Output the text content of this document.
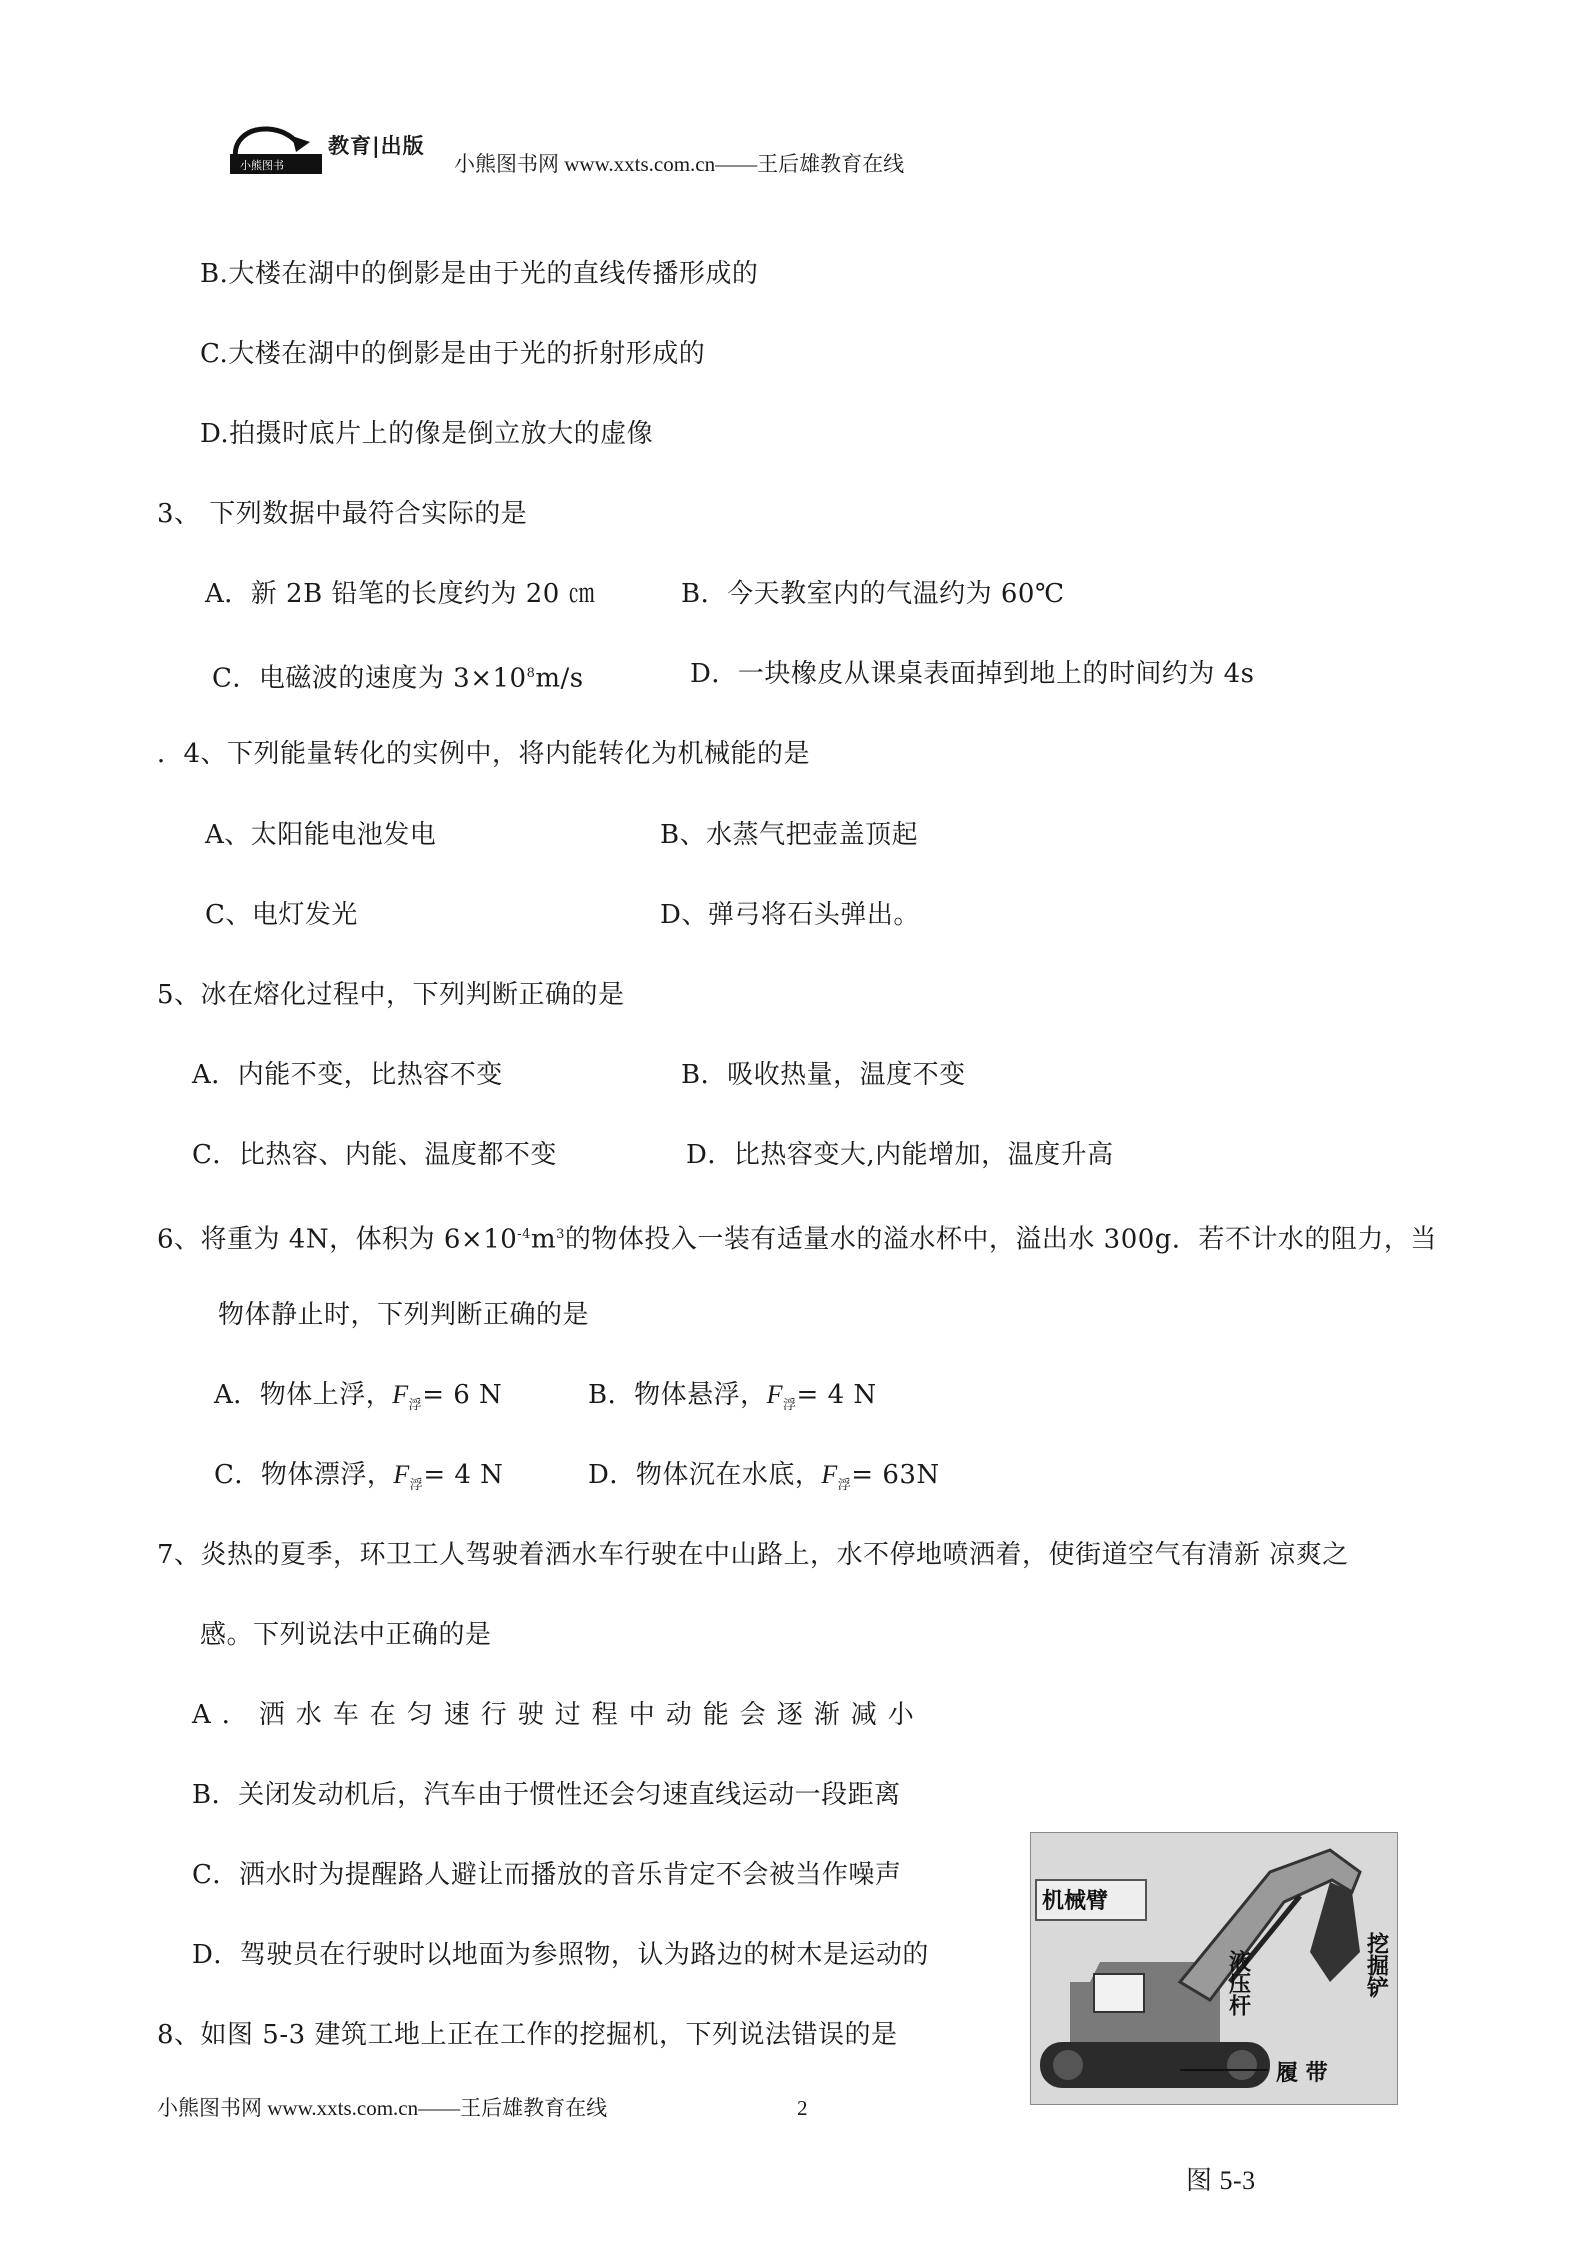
小熊图书
教育|出版
小熊图书网 www.xxts.com.cn——王后雄教育在线
B.大楼在湖中的倒影是由于光的直线传播形成的
C.大楼在湖中的倒影是由于光的折射形成的
D.拍摄时底片上的像是倒立放大的虚像
3、 下列数据中最符合实际的是
A．新 2B 铅笔的长度约为 20 ㎝	B．今天教室内的气温约为 60℃
C．电磁波的速度为 $3\times 10^8m/s$	D．一块橡皮从课桌表面掉到地上的时间约为 4s
．4、下列能量转化的实例中，将内能转化为机械能的是
A、太阳能电池发电	B、水蒸气把壶盖顶起
C、电灯发光	D、弹弓将石头弹出。
5、冰在熔化过程中，下列判断正确的是
A．内能不变，比热容不变	B．吸收热量，温度不变
C．比热容、内能、温度都不变	D．比热容变大,内能增加，温度升高
6、将重为 4N，体积为 $6\times 10^{-4}m^3$的物体投入一装有适量水的溢水杯中，溢出水 300g．若不计水的阻力，当
物体静止时，下列判断正确的是
A．物体上浮，$F_浮= 6$ N	B．物体悬浮，$F_浮= 4$ N
C．物体漂浮，$F_浮= 4$ N	D．物体沉在水底，$F_浮= 63N$
7、炎热的夏季，环卫工人驾驶着洒水车行驶在中山路上，水不停地喷洒着，使街道空气有清新 凉爽之
感。下列说法中正确的是
A．洒水车在匀速行驶过程中动能会逐渐减小
B．关闭发动机后，汽车由于惯性还会匀速直线运动一段距离
C．洒水时为提醒路人避让而播放的音乐肯定不会被当作噪声
D．驾驶员在行驶时以地面为参照物，认为路边的树木是运动的
8、如图 5-3 建筑工地上正在工作的挖掘机，下列说法错误的是
机械臂
液压杆	挖掘铲
履 带
小熊图书网 www.xxts.com.cn——王后雄教育在线	2
图 5-3
